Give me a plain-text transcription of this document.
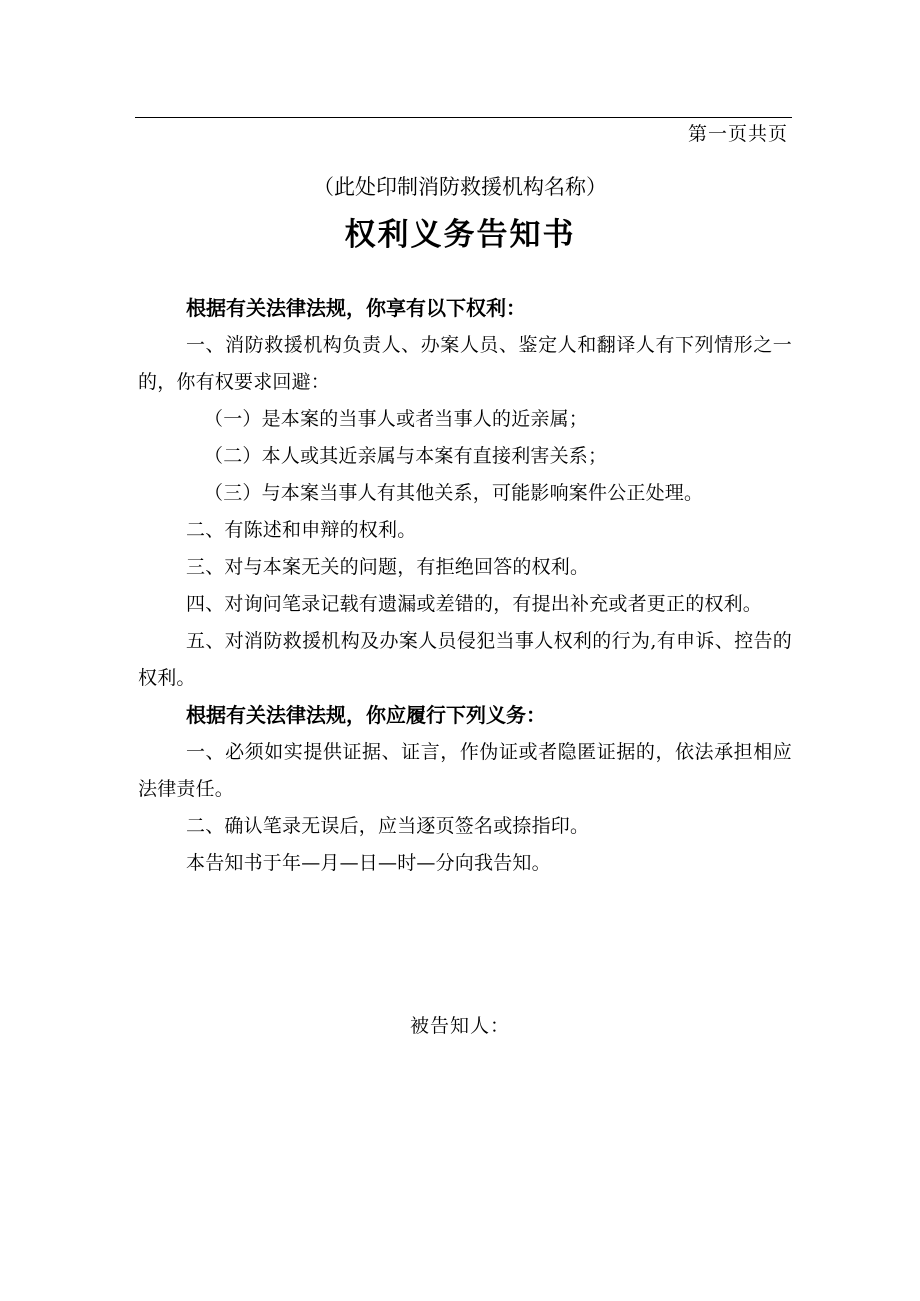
第一页共页
（此处印制消防救援机构名称）
权利义务告知书

根据有关法律法规，你享有以下权利：

一、消防救援机构负责人、办案人员、鉴定人和翻译人有下列情形之一的，你有权要求回避：

（一）是本案的当事人或者当事人的近亲属；

（二）本人或其近亲属与本案有直接利害关系；

（三）与本案当事人有其他关系，可能影响案件公正处理。

二、有陈述和申辩的权利。

三、对与本案无关的问题，有拒绝回答的权利。

四、对询问笔录记载有遗漏或差错的，有提出补充或者更正的权利。

五、对消防救援机构及办案人员侵犯当事人权利的行为,有申诉、控告的权利。

根据有关法律法规，你应履行下列义务：

一、必须如实提供证据、证言，作伪证或者隐匿证据的，依法承担相应法律责任。

二、确认笔录无误后，应当逐页签名或捺指印。

本告知书于年—月—日—时—分向我告知。

被告知人：
